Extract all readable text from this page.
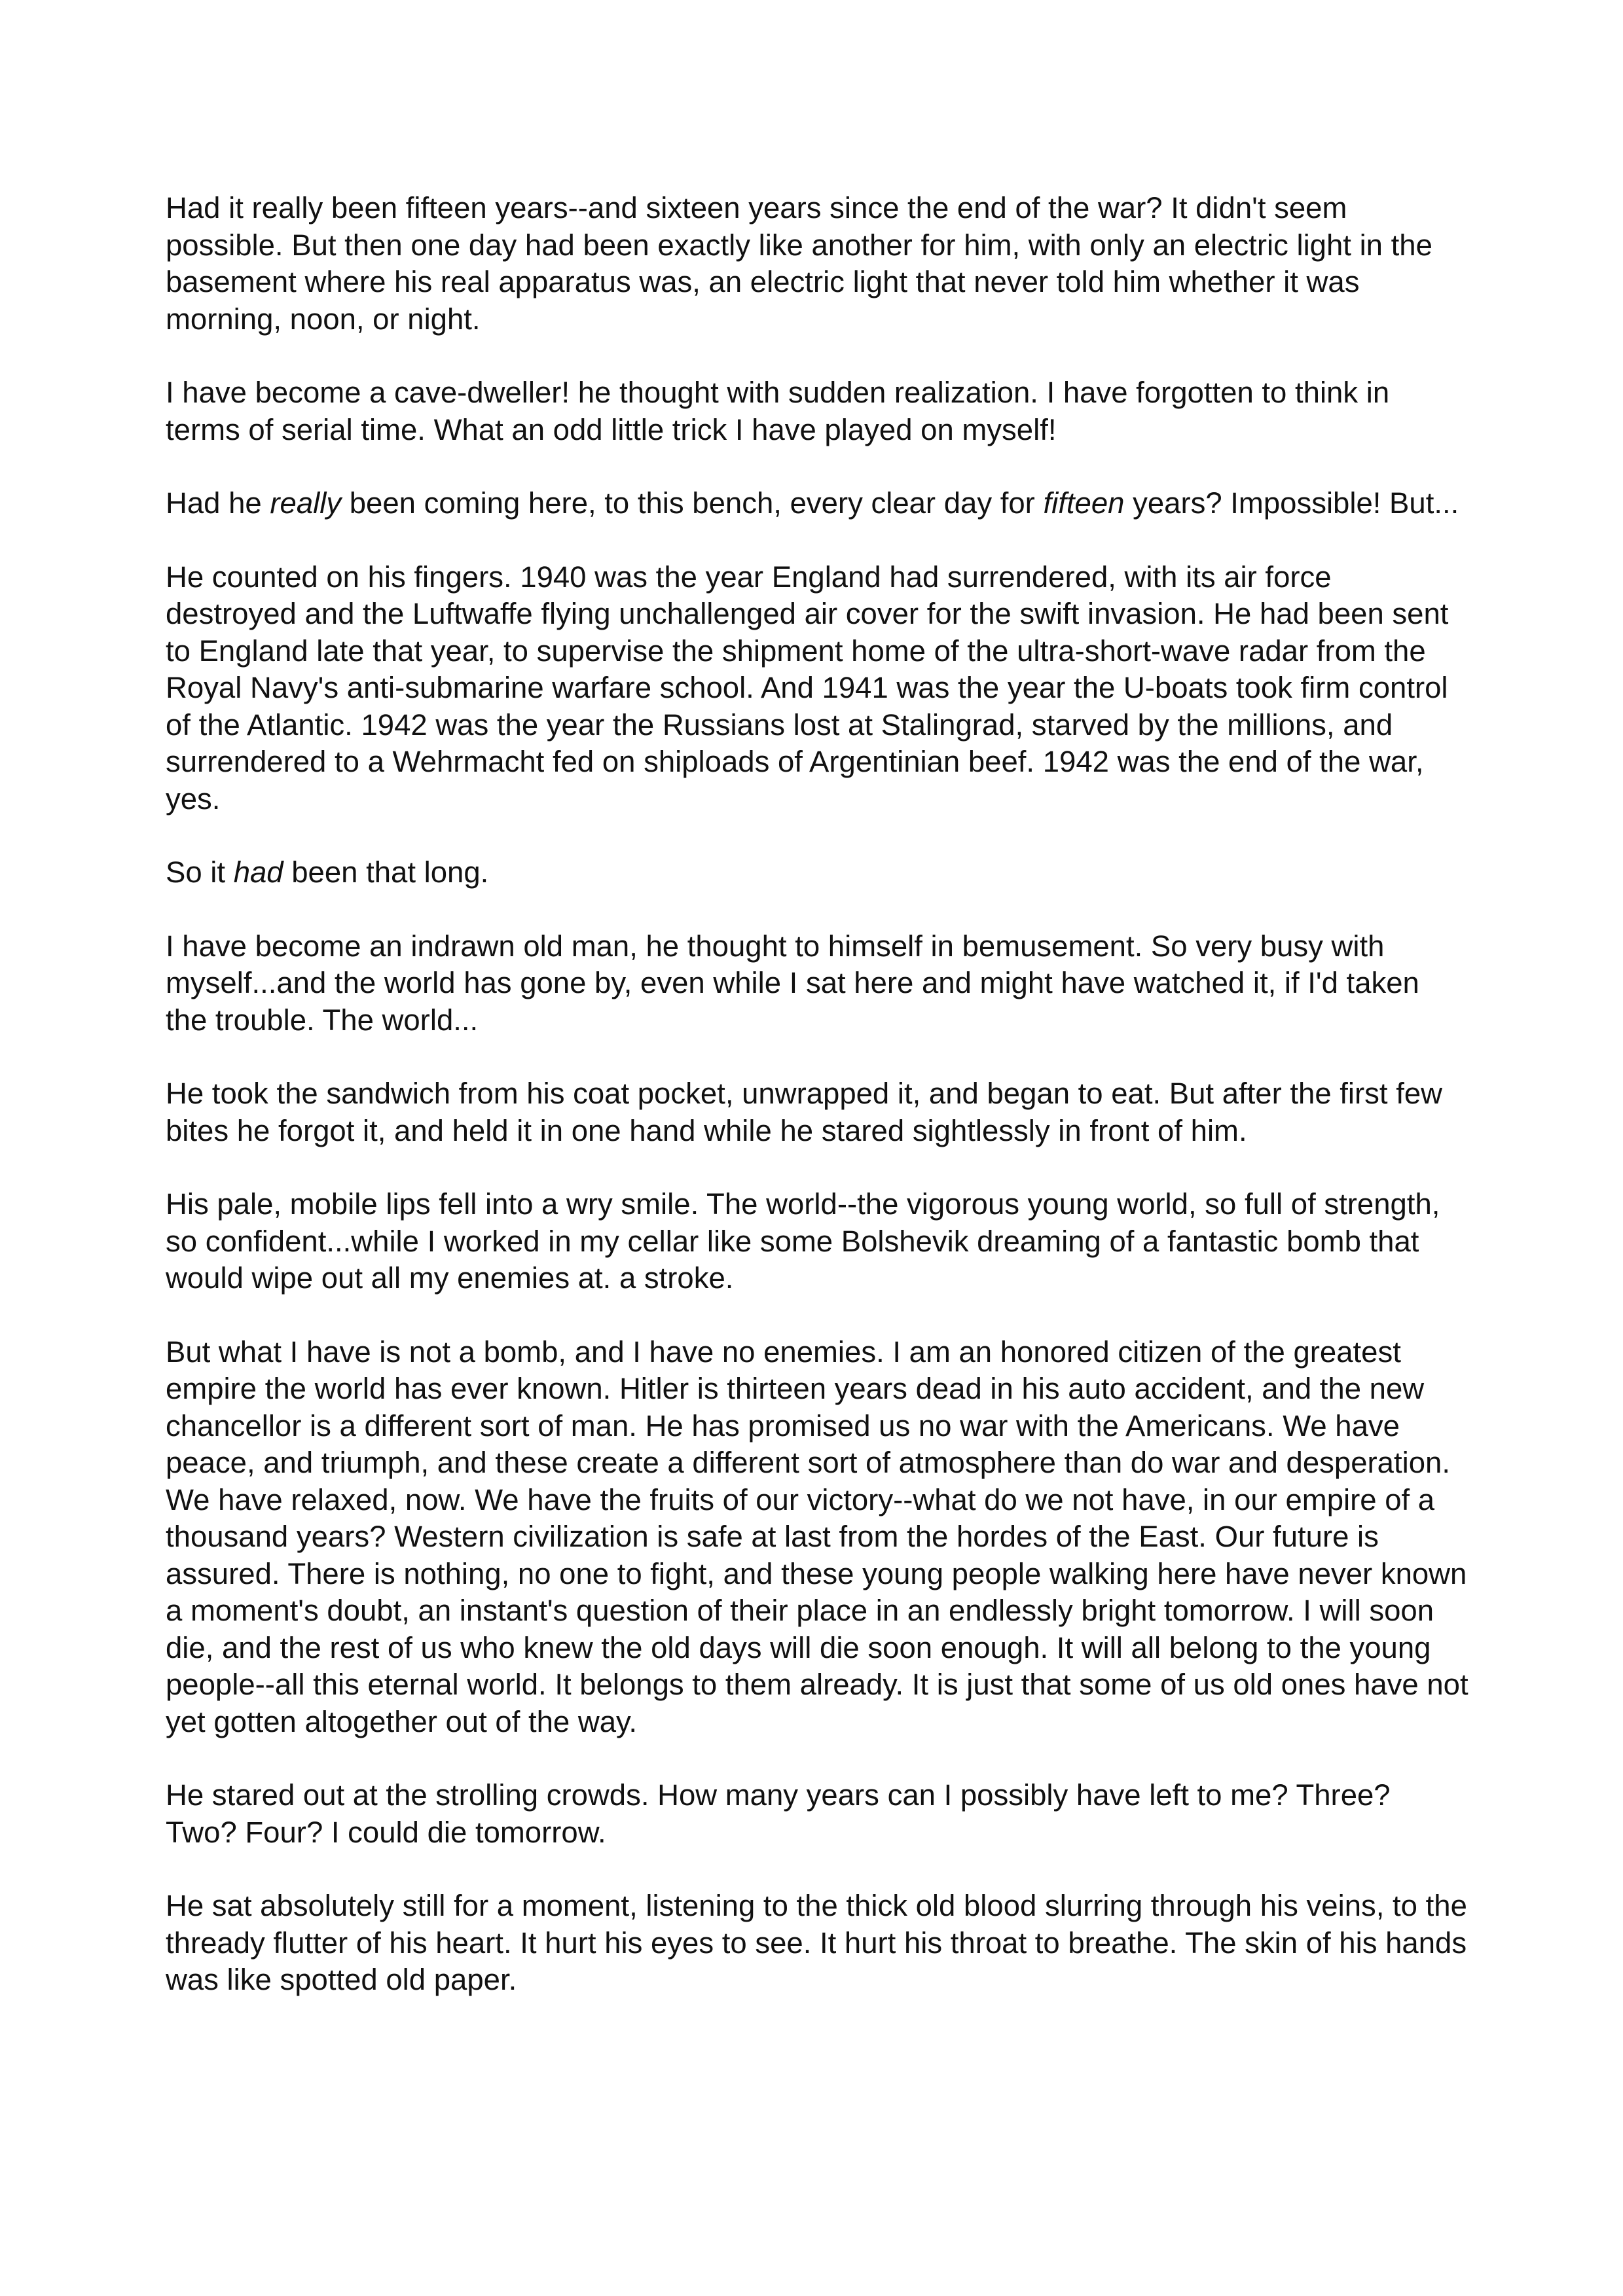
Had it really been fifteen years--and sixteen years since the end of the war? It didn't seem possible. But then one day had been exactly like another for him, with only an electric light in the basement where his real apparatus was, an electric light that never told him whether it was morning, noon, or night.

I have become a cave-dweller! he thought with sudden realization. I have forgotten to think in terms of serial time. What an odd little trick I have played on myself!

Had he really been coming here, to this bench, every clear day for fifteen years? Impossible! But...

He counted on his fingers. 1940 was the year England had surrendered, with its air force destroyed and the Luftwaffe flying unchallenged air cover for the swift invasion. He had been sent to England late that year, to supervise the shipment home of the ultra-short-wave radar from the Royal Navy's anti-submarine warfare school. And 1941 was the year the U-boats took firm control of the Atlantic. 1942 was the year the Russians lost at Stalingrad, starved by the millions, and surrendered to a Wehrmacht fed on shiploads of Argentinian beef. 1942 was the end of the war, yes.

So it had been that long.

I have become an indrawn old man, he thought to himself in bemusement. So very busy with myself...and the world has gone by, even while I sat here and might have watched it, if I'd taken the trouble. The world...

He took the sandwich from his coat pocket, unwrapped it, and began to eat. But after the first few bites he forgot it, and held it in one hand while he stared sightlessly in front of him.

His pale, mobile lips fell into a wry smile. The world--the vigorous young world, so full of strength, so confident...while I worked in my cellar like some Bolshevik dreaming of a fantastic bomb that would wipe out all my enemies at. a stroke.

But what I have is not a bomb, and I have no enemies. I am an honored citizen of the greatest empire the world has ever known. Hitler is thirteen years dead in his auto accident, and the new chancellor is a different sort of man. He has promised us no war with the Americans. We have peace, and triumph, and these create a different sort of atmosphere than do war and desperation. We have relaxed, now. We have the fruits of our victory--what do we not have, in our empire of a thousand years? Western civilization is safe at last from the hordes of the East. Our future is assured. There is nothing, no one to fight, and these young people walking here have never known a moment's doubt, an instant's question of their place in an endlessly bright tomorrow. I will soon die, and the rest of us who knew the old days will die soon enough. It will all belong to the young people--all this eternal world. It belongs to them already. It is just that some of us old ones have not yet gotten altogether out of the way.

He stared out at the strolling crowds. How many years can I possibly have left to me? Three? Two? Four? I could die tomorrow.

He sat absolutely still for a moment, listening to the thick old blood slurring through his veins, to the thready flutter of his heart. It hurt his eyes to see. It hurt his throat to breathe. The skin of his hands was like spotted old paper.
